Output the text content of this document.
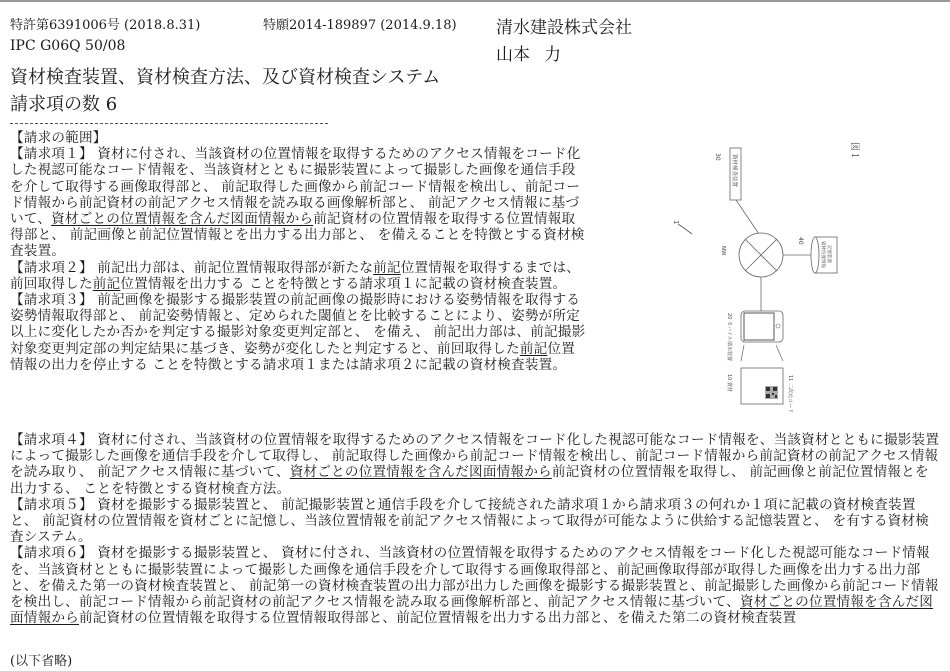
特許第6391006号 (2018.8.31)	特願2014-189897 (2014.9.18)
IPC G06Q 50/08
資材検査装置、資材検査方法、及び資材検査システム
請求項の数 6
清水建設株式会社
山本 力

【請求の範囲】

【請求項１】 資材に付され、当該資材の位置情報を取得するためのアクセス情報をコード化した視認可能なコード情報を、当該資材とともに撮影装置によって撮影した画像を通信手段を介して取得する画像取得部と、 前記取得した画像から前記コード情報を検出し、前記コード情報から前記資材の前記アクセス情報を読み取る画像解析部と、 前記アクセス情報に基づいて、資材ごとの位置情報を含んだ図面情報から前記資材の位置情報を取得する位置情報取得部と、 前記画像と前記位置情報とを出力する出力部と、 を備えることを特徴とする資材検査装置。

【請求項２】 前記出力部は、前記位置情報取得部が新たな前記位置情報を取得するまでは、前回取得した前記位置情報を出力する ことを特徴とする請求項１に記載の資材検査装置。

【請求項３】 前記画像を撮影する撮影装置の前記画像の撮影時における姿勢情報を取得する姿勢情報取得部と、 前記姿勢情報と、定められた閾値とを比較することにより、姿勢が所定以上に変化したか否かを判定する撮影対象変更判定部と、 を備え、 前記出力部は、前記撮影対象変更判定部の判定結果に基づき、姿勢が変化したと判定すると、前回取得した前記位置情報の出力を停止する ことを特徴とする請求項１または請求項２に記載の資材検査装置。

図１
1
資材検査装置
30
NW	資材位置情報 記憶装置
40
20 モバイル端末装置
10 資材
11 二次元コード

【請求項４】 資材に付され、当該資材の位置情報を取得するためのアクセス情報をコード化した視認可能なコード情報を、当該資材とともに撮影装置によって撮影した画像を通信手段を介して取得し、 前記取得した画像から前記コード情報を検出し、前記コード情報から前記資材の前記アクセス情報を読み取り、 前記アクセス情報に基づいて、資材ごとの位置情報を含んだ図面情報から前記資材の位置情報を取得し、 前記画像と前記位置情報とを出力する、 ことを特徴とする資材検査方法。

【請求項５】 資材を撮影する撮影装置と、 前記撮影装置と通信手段を介して接続された請求項１から請求項３の何れか１項に記載の資材検査装置と、 前記資材の位置情報を資材ごとに記憶し、当該位置情報を前記アクセス情報によって取得が可能なように供給する記憶装置と、 を有する資材検査システム。

【請求項６】 資材を撮影する撮影装置と、 資材に付され、当該資材の位置情報を取得するためのアクセス情報をコード化した視認可能なコード情報を、当該資材とともに撮影装置によって撮影した画像を通信手段を介して取得する画像取得部と、前記画像取得部が取得した画像を出力する出力部と、を備えた第一の資材検査装置と、 前記第一の資材検査装置の出力部が出力した画像を撮影する撮影装置と、前記撮影した画像から前記コード情報を検出し、前記コード情報から前記資材の前記アクセス情報を読み取る画像解析部と、前記アクセス情報に基づいて、資材ごとの位置情報を含んだ図面情報から前記資材の位置情報を取得する位置情報取得部と、前記位置情報を出力する出力部と、を備えた第二の資材検査装置

(以下省略)
